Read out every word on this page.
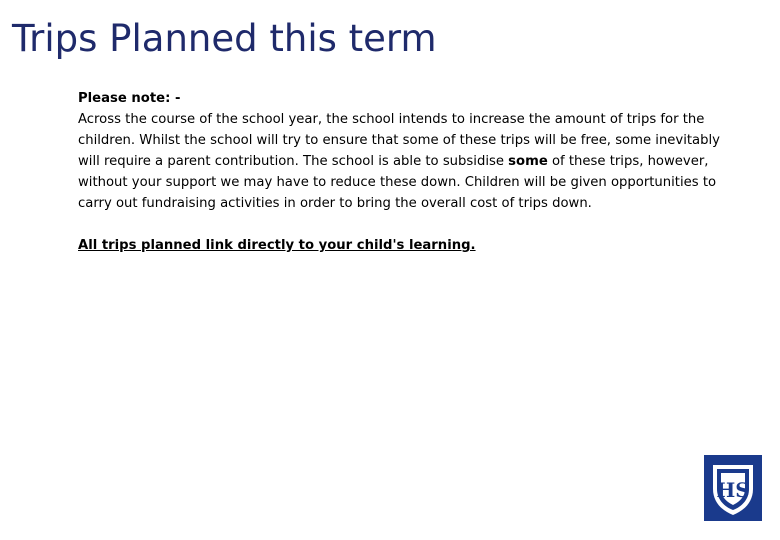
Trips Planned this term
Please note: -

Across the course of the school year, the school intends to increase the amount of trips for the children. Whilst the school will try to ensure that some of these trips will be free, some inevitably will require a parent contribution. The school is able to subsidise some of these trips, however, without your support we may have to reduce these down. Children will be given opportunities to carry out fundraising activities in order to bring the overall cost of trips down.

All trips planned link directly to your child's learning.
HS
